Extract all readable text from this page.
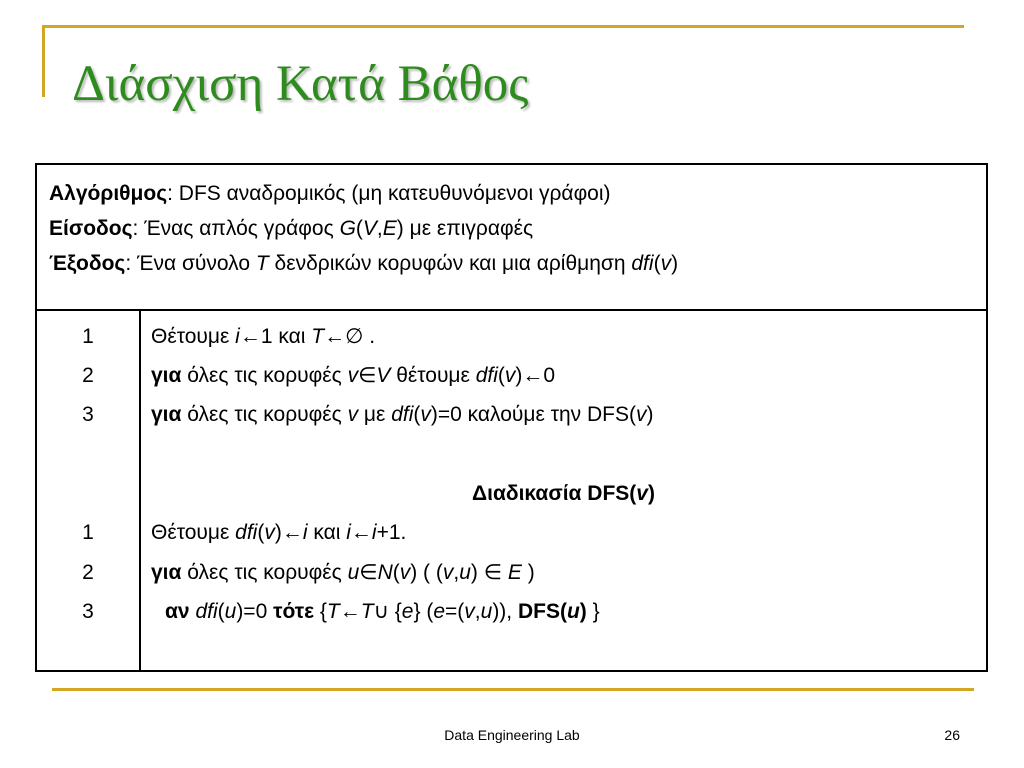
Διάσχιση Κατά Βάθος
Αλγόριθμος: DFS αναδρομικός (μη κατευθυνόμενοι γράφοι)
Είσοδος: Ένας απλός γράφος G(V,E) με επιγραφές
Έξοδος: Ένα σύνολο T δενδρικών κορυφών και μια αρίθμηση dfi(v)
1
2
3
1
2
3
Θέτουμε i←1 και T←∅ .
για όλες τις κορυφές v∈V θέτουμε dfi(v)←0
για όλες τις κορυφές v με dfi(v)=0 καλούμε την DFS(v)
Διαδικασία DFS(v)
Θέτουμε dfi(v)←i και i←i+1.
για όλες τις κορυφές u∈N(v) ( (v,u) ∈ E )
αν dfi(u)=0 τότε {T←T∪ {e} (e=(v,u)), DFS(u) }
Data Engineering Lab	26
